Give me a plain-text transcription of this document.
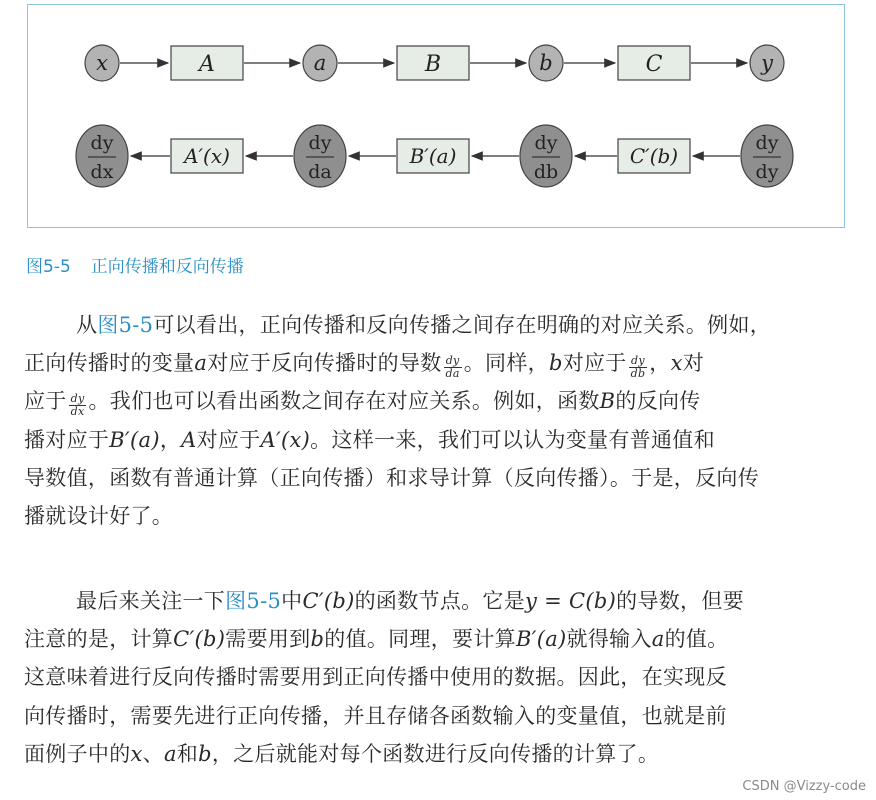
x	A	a	B	b	C	y
dy
dx
A′(x)
dy
da
B′(a)
dy
db
C′(b)
dy
dy
图5-5 正向传播和反向传播

从图5-5可以看出，正向传播和反向传播之间存在明确的对应关系。例如，

正向传播时的变量a对应于反向传播时的导数 $\frac{dy}{da}$ 。同样，b对应于 $\frac{dy}{db}$ ，x对

应于 $\frac{dy}{dx}$ 。我们也可以看出函数之间存在对应关系。例如，函数B的反向传

播对应于B′(a)，A对应于A′(x)。这样一来，我们可以认为变量有普通值和

导数值，函数有普通计算（正向传播）和求导计算（反向传播）。于是，反向传

播就设计好了。

最后来关注一下图5-5中C′(b)的函数节点。它是y = C(b)的导数，但要

注意的是，计算C′(b)需要用到b的值。同理，要计算B′(a)就得输入a的值。

这意味着进行反向传播时需要用到正向传播中使用的数据。因此，在实现反

向传播时，需要先进行正向传播，并且存储各函数输入的变量值，也就是前

面例子中的x、a和b，之后就能对每个函数进行反向传播的计算了。

CSDN @Vizzy-code
